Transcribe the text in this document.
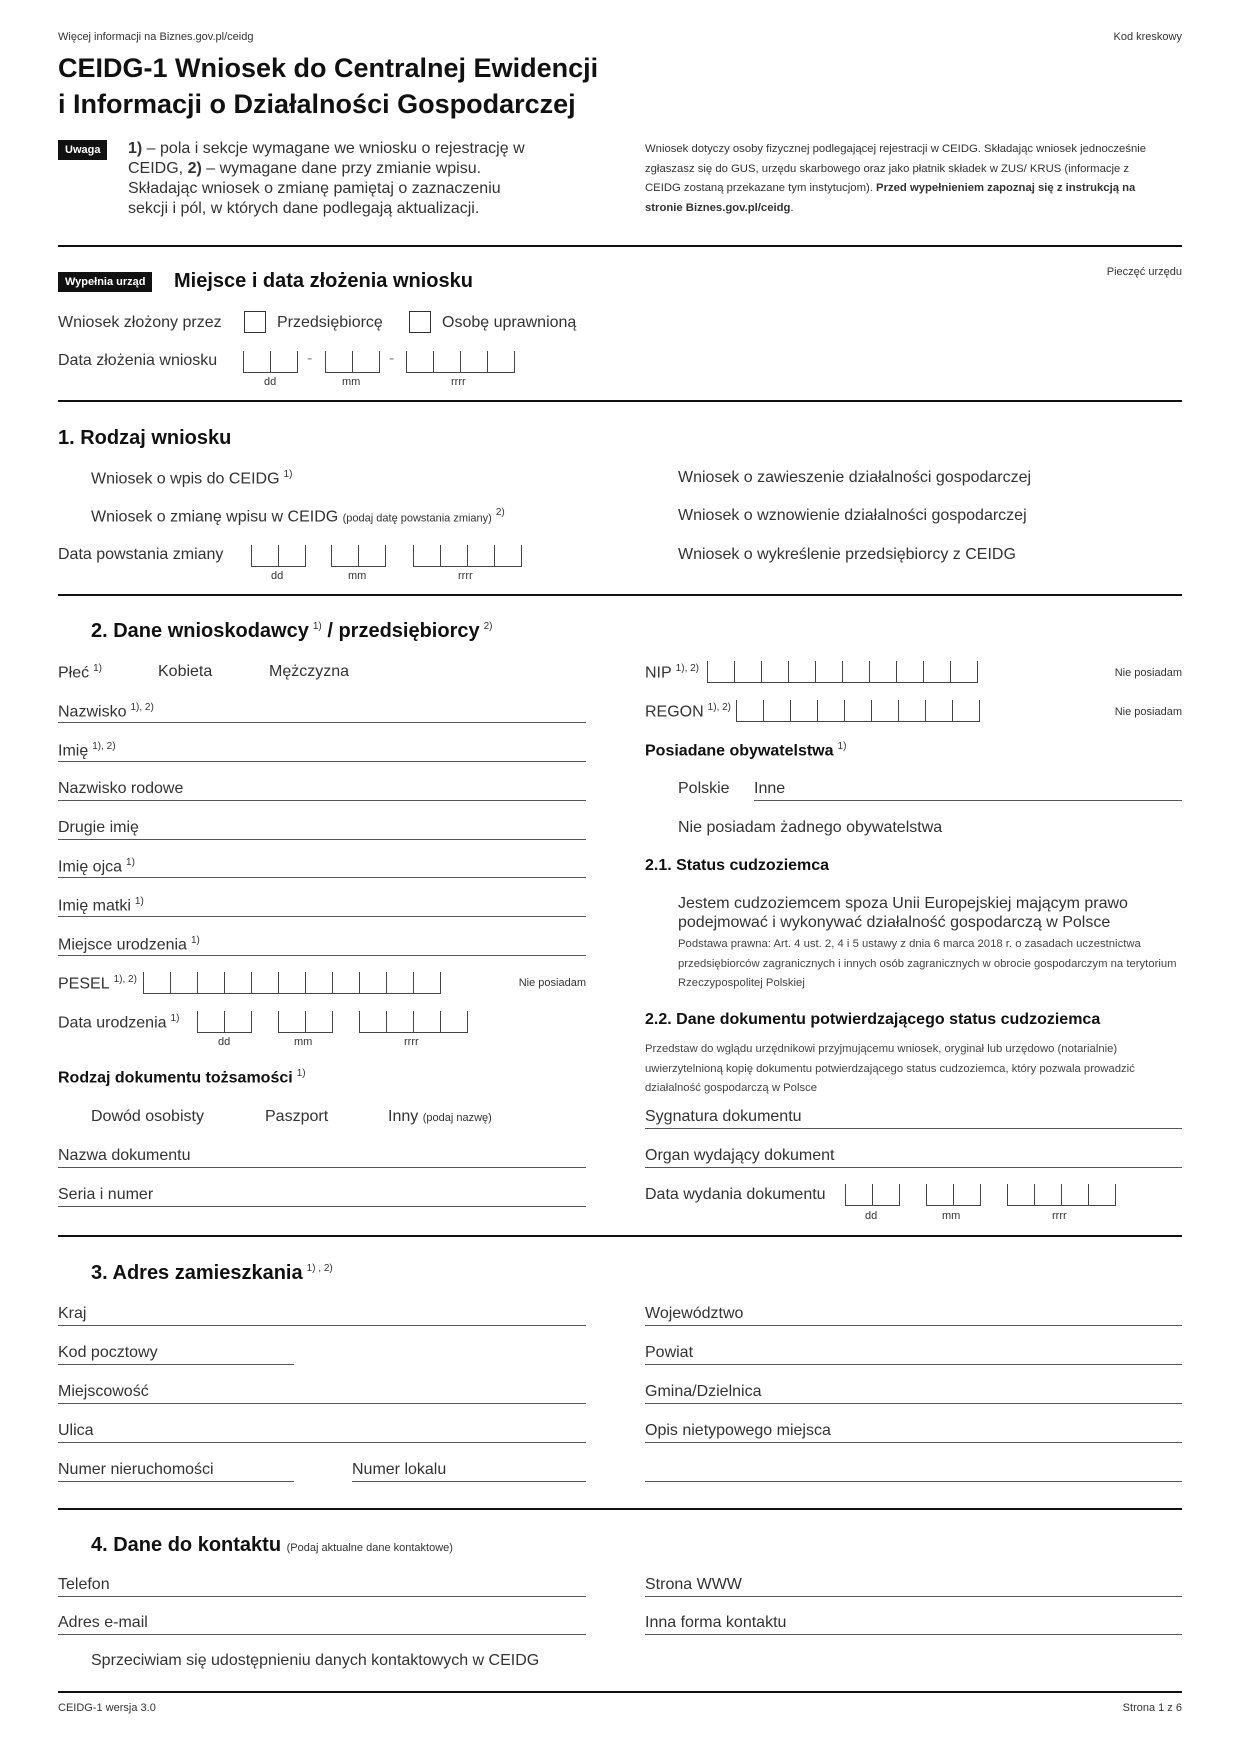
Więcej informacji na Biznes.gov.pl/ceidg	Kod kreskowy
CEIDG-1 Wniosek do Centralnej Ewidencji
i Informacji o Działalności Gospodarczej
Uwaga	1) – pola i sekcje wymagane we wniosku o rejestrację w CEIDG, 2) – wymagane dane przy zmianie wpisu. Składając wniosek o zmianę pamiętaj o zaznaczeniu sekcji i pól, w których dane podlegają aktualizacji.
Wniosek dotyczy osoby fizycznej podlegającej rejestracji w CEIDG. Składając wniosek jednocześnie zgłaszasz się do GUS, urzędu skarbowego oraz jako płatnik składek w ZUS/ KRUS (informacje z CEIDG zostaną przekazane tym instytucjom). Przed wypełnieniem zapoznaj się z instrukcją na stronie Biznes.gov.pl/ceidg.
Wypełnia urząd	Miejsce i data złożenia wniosku	Pieczęć urzędu
Wniosek złożony przez	Przedsiębiorcę	Osobę uprawnioną
Data złożenia wniosku	-	-
dd	mm	rrrr
1. Rodzaj wniosku
Wniosek o wpis do CEIDG $^{1)}$
Wniosek o zmianę wpisu w CEIDG (podaj datę powstania zmiany) $^{2)}$
Data powstania zmiany
dd	mm	rrrr
Wniosek o zawieszenie działalności gospodarczej
Wniosek o wznowienie działalności gospodarczej
Wniosek o wykreślenie przedsiębiorcy z CEIDG
2. Dane wnioskodawcy $^{1)}$ / przedsiębiorcy $^{2)}$
Płeć $^{1)}$	Kobieta	Mężczyzna
Nazwisko $^{1), 2)}$
Imię $^{1), 2)}$
Nazwisko rodowe
Drugie imię
Imię ojca $^{1)}$
Imię matki $^{1)}$
Miejsce urodzenia $^{1)}$
PESEL $^{1), 2)}$	Nie posiadam
Data urodzenia $^{1)}$
dd	mm	rrrr
Rodzaj dokumentu tożsamości $^{1)}$
Dowód osobisty	Paszport	Inny (podaj nazwę)
Nazwa dokumentu
Seria i numer
NIP $^{1), 2)}$	Nie posiadam
REGON $^{1), 2)}$	Nie posiadam
Posiadane obywatelstwa $^{1)}$
Polskie Inne
Nie posiadam żadnego obywatelstwa
2.1. Status cudzoziemca
Jestem cudzoziemcem spoza Unii Europejskiej mającym prawo podejmować i wykonywać działalność gospodarczą w Polsce
Podstawa prawna: Art. 4 ust. 2, 4 i 5 ustawy z dnia 6 marca 2018 r. o zasadach uczestnictwa przedsiębiorców zagranicznych i innych osób zagranicznych w obrocie gospodarczym na terytorium Rzeczypospolitej Polskiej
2.2. Dane dokumentu potwierdzającego status cudzoziemca
Przedstaw do wglądu urzędnikowi przyjmującemu wniosek, oryginał lub urzędowo (notarialnie) uwierzytelnioną kopię dokumentu potwierdzającego status cudzoziemca, który pozwala prowadzić działalność gospodarczą w Polsce
Sygnatura dokumentu
Organ wydający dokument
Data wydania dokumentu
dd	mm	rrrr
3. Adres zamieszkania $^{1) , 2)}$
Kraj
Kod pocztowy
Miejscowość
Ulica
Numer nieruchomości	Numer lokalu
Województwo
Powiat
Gmina/Dzielnica
Opis nietypowego miejsca
4. Dane do kontaktu (Podaj aktualne dane kontaktowe)
Telefon
Adres e-mail
Strona WWW
Inna forma kontaktu
Sprzeciwiam się udostępnieniu danych kontaktowych w CEIDG
CEIDG-1 wersja 3.0	Strona 1 z 6
